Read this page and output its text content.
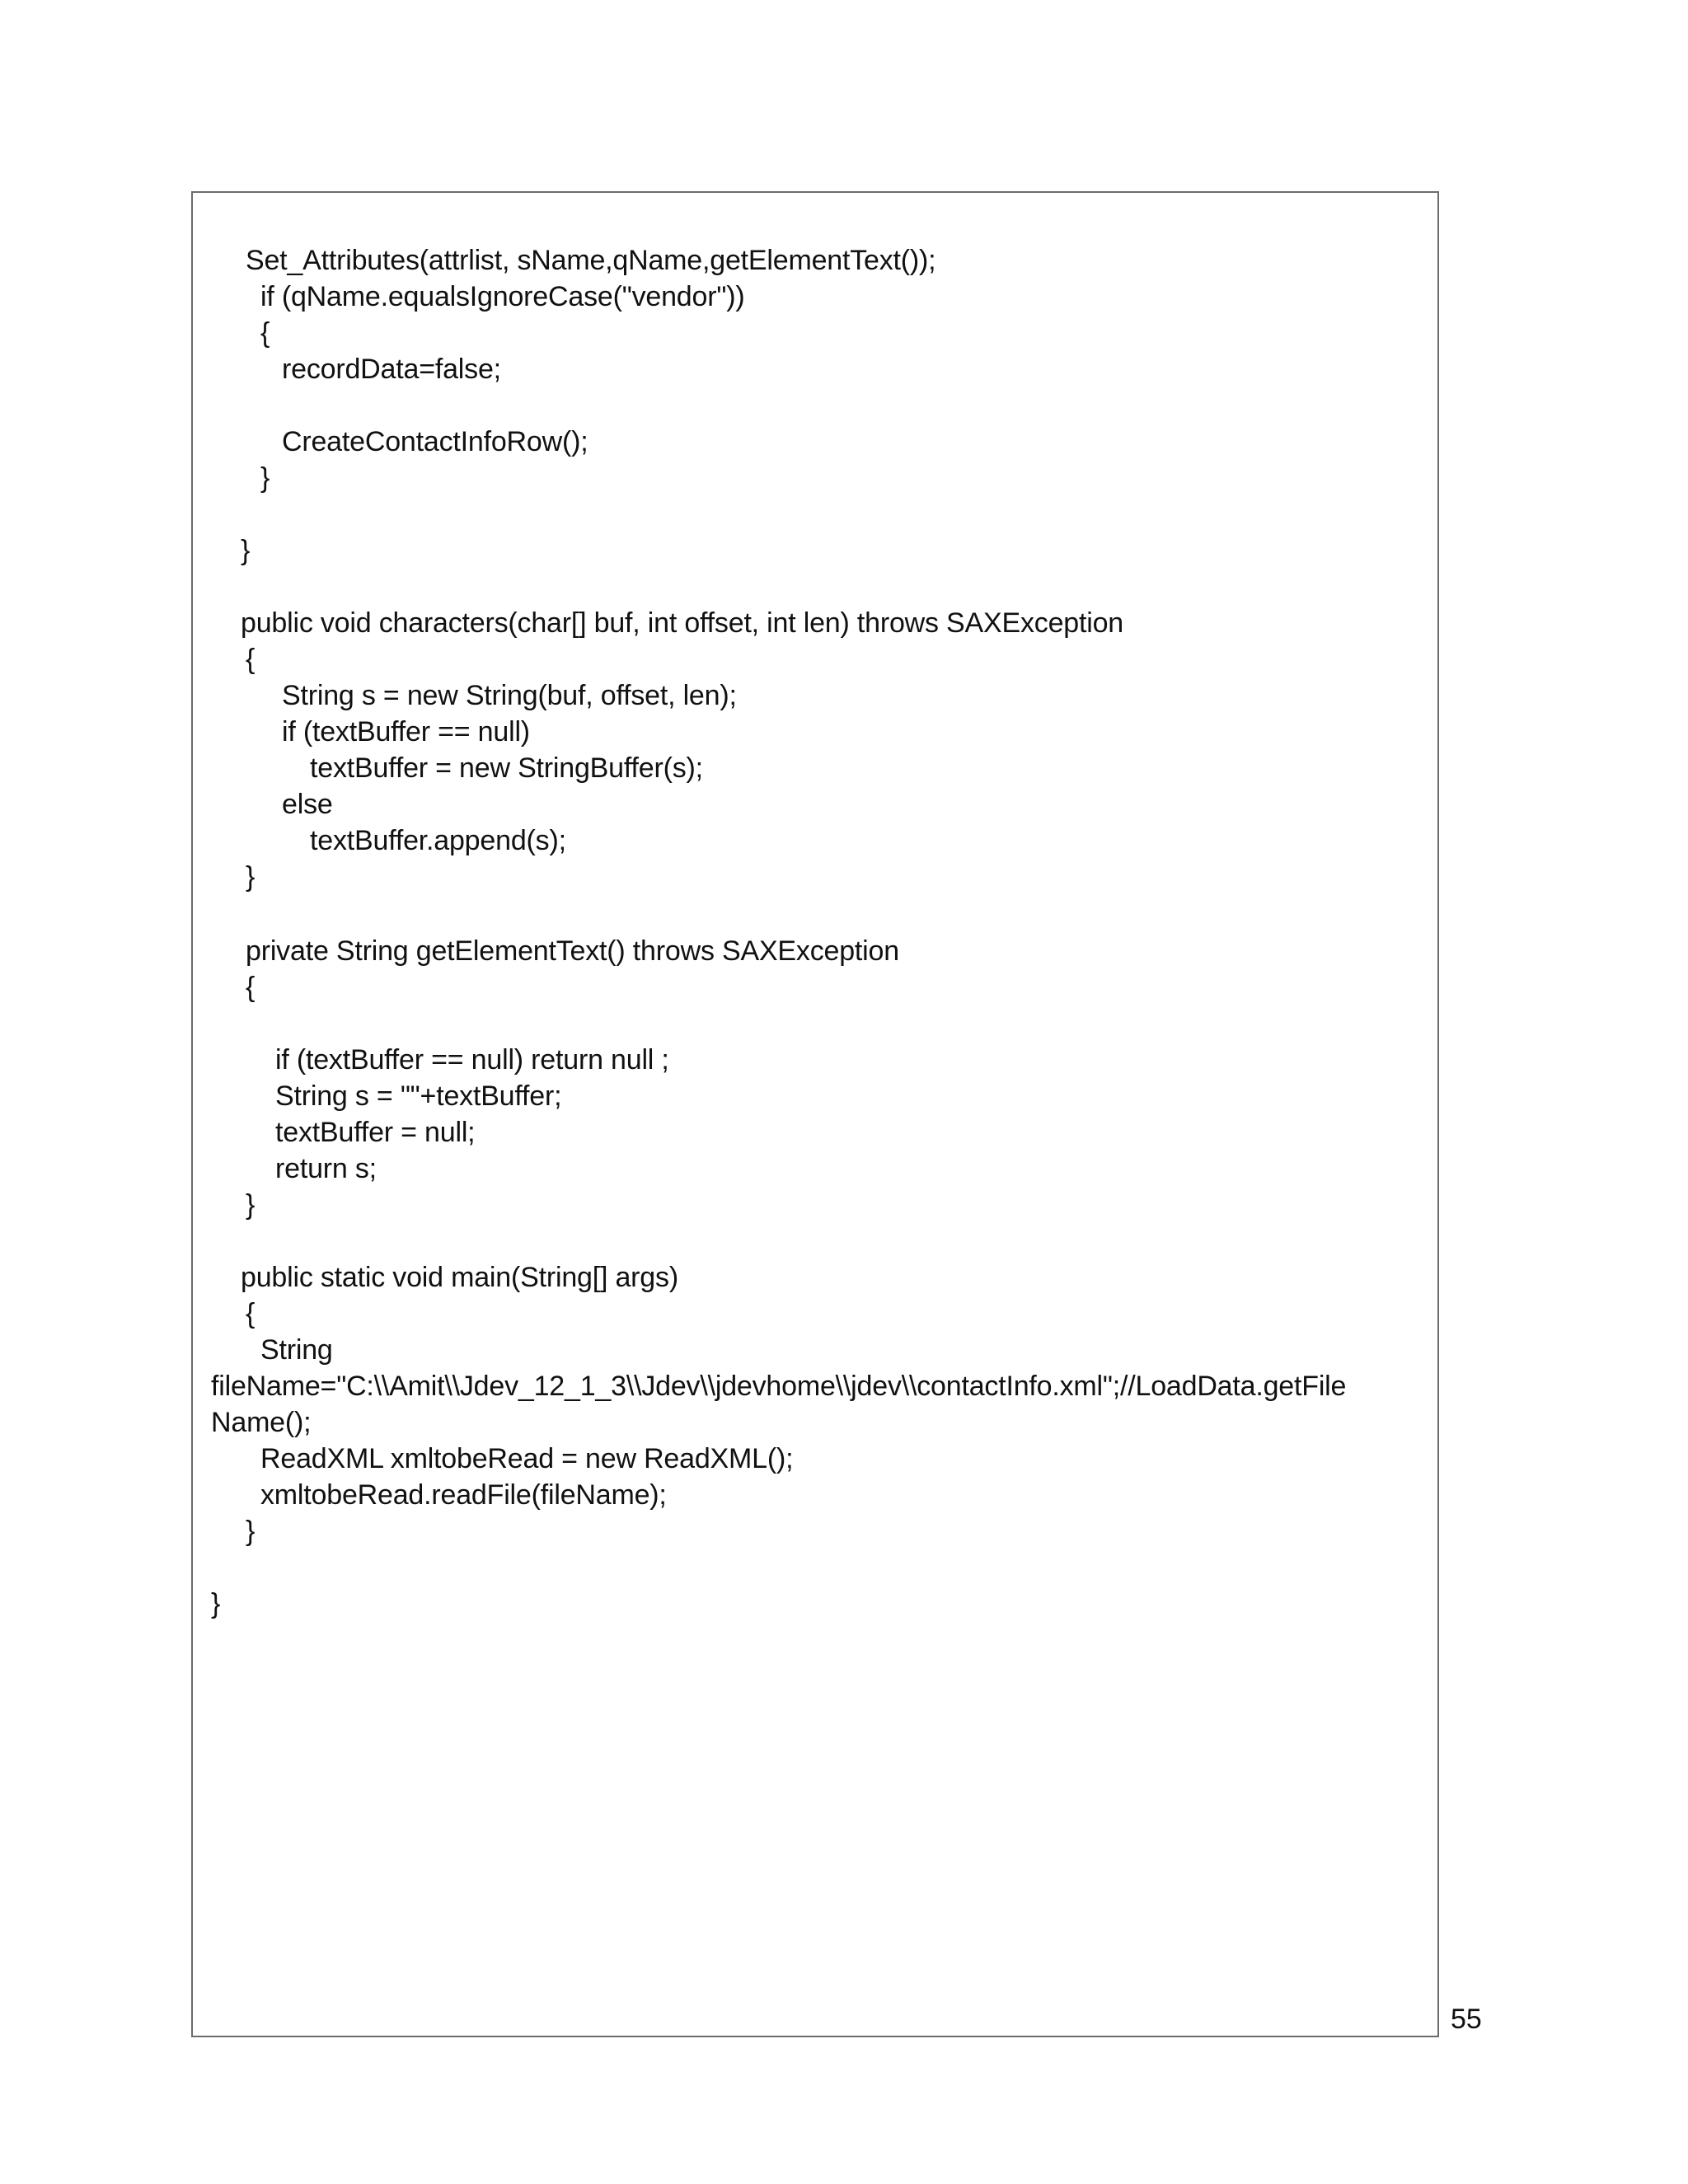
Set_Attributes(attrlist, sName,qName,getElementText());
if (qName.equalsIgnoreCase("vendor"))
{
recordData=false;
CreateContactInfoRow();
}
}
public void characters(char[] buf, int offset, int len) throws SAXException
{
String s = new String(buf, offset, len);
if (textBuffer == null)
textBuffer = new StringBuffer(s);
else
textBuffer.append(s);
}
private String getElementText() throws SAXException
{
if (textBuffer == null) return null ;
String s = ""+textBuffer;
textBuffer = null;
return s;
}
public static void main(String[] args)
{
String
fileName="C:\\Amit\\Jdev_12_1_3\\Jdev\\jdevhome\\jdev\\contactInfo.xml";//LoadData.getFile
Name();
ReadXML xmltobeRead = new ReadXML();
xmltobeRead.readFile(fileName);
}
}
55
